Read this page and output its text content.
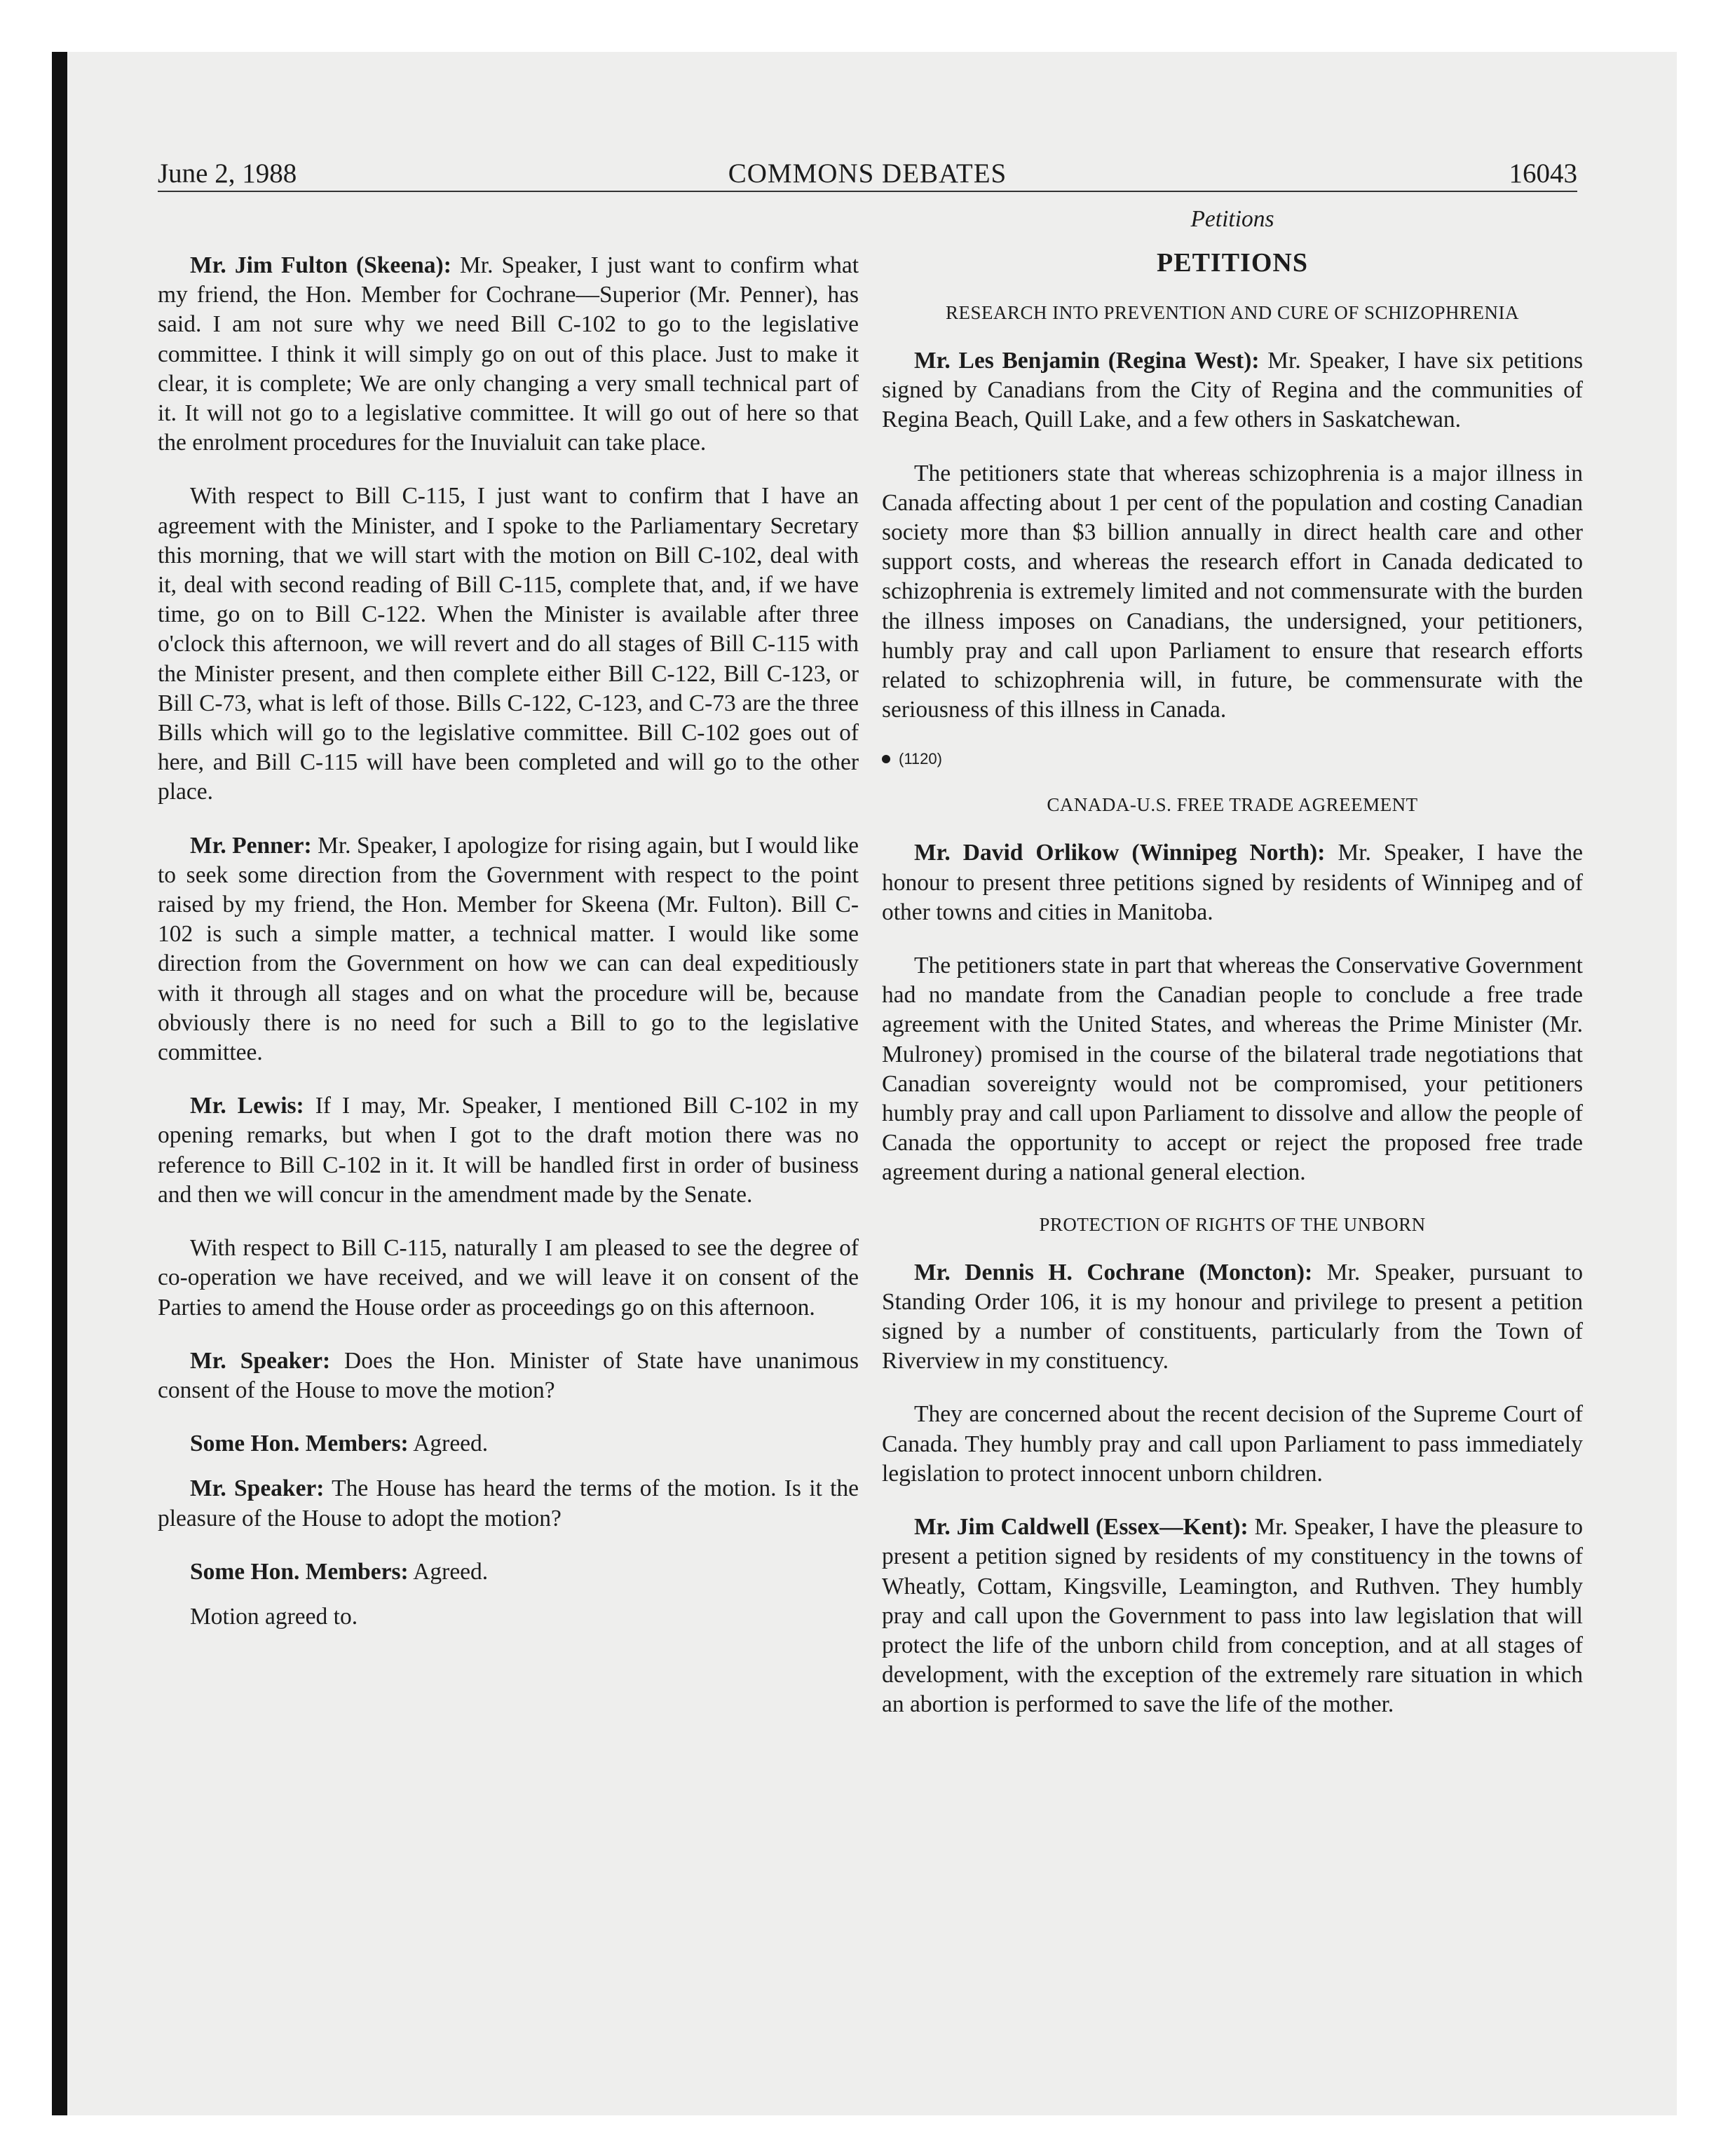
June 2, 1988	COMMONS DEBATES	16043

Mr. Jim Fulton (Skeena): Mr. Speaker, I just want to confirm what my friend, the Hon. Member for Cochrane—Superior (Mr. Penner), has said. I am not sure why we need Bill C-102 to go to the legislative committee. I think it will simply go on out of this place. Just to make it clear, it is complete; We are only changing a very small technical part of it. It will not go to a legislative committee. It will go out of here so that the enrolment procedures for the Inuvialuit can take place.

With respect to Bill C-115, I just want to confirm that I have an agreement with the Minister, and I spoke to the Parliamentary Secretary this morning, that we will start with the motion on Bill C-102, deal with it, deal with second reading of Bill C-115, complete that, and, if we have time, go on to Bill C-122. When the Minister is available after three o'clock this afternoon, we will revert and do all stages of Bill C-115 with the Minister present, and then complete either Bill C-122, Bill C-123, or Bill C-73, what is left of those. Bills C-122, C-123, and C-73 are the three Bills which will go to the legislative committee. Bill C-102 goes out of here, and Bill C-115 will have been completed and will go to the other place.

Mr. Penner: Mr. Speaker, I apologize for rising again, but I would like to seek some direction from the Government with respect to the point raised by my friend, the Hon. Member for Skeena (Mr. Fulton). Bill C-102 is such a simple matter, a technical matter. I would like some direction from the Government on how we can can deal expeditiously with it through all stages and on what the procedure will be, because obviously there is no need for such a Bill to go to the legislative committee.

Mr. Lewis: If I may, Mr. Speaker, I mentioned Bill C-102 in my opening remarks, but when I got to the draft motion there was no reference to Bill C-102 in it. It will be handled first in order of business and then we will concur in the amendment made by the Senate.

With respect to Bill C-115, naturally I am pleased to see the degree of co-operation we have received, and we will leave it on consent of the Parties to amend the House order as proceedings go on this afternoon.

Mr. Speaker: Does the Hon. Minister of State have unanimous consent of the House to move the motion?

Some Hon. Members: Agreed.

Mr. Speaker: The House has heard the terms of the motion. Is it the pleasure of the House to adopt the motion?

Some Hon. Members: Agreed.

Motion agreed to.

Petitions
PETITIONS
RESEARCH INTO PREVENTION AND CURE OF SCHIZOPHRENIA

Mr. Les Benjamin (Regina West): Mr. Speaker, I have six petitions signed by Canadians from the City of Regina and the communities of Regina Beach, Quill Lake, and a few others in Saskatchewan.

The petitioners state that whereas schizophrenia is a major illness in Canada affecting about 1 per cent of the population and costing Canadian society more than $3 billion annually in direct health care and other support costs, and whereas the research effort in Canada dedicated to schizophrenia is extremely limited and not commensurate with the burden the illness imposes on Canadians, the undersigned, your petitioners, humbly pray and call upon Parliament to ensure that research efforts related to schizophrenia will, in future, be commensurate with the seriousness of this illness in Canada.

(1120)
CANADA-U.S. FREE TRADE AGREEMENT

Mr. David Orlikow (Winnipeg North): Mr. Speaker, I have the honour to present three petitions signed by residents of Winnipeg and of other towns and cities in Manitoba.

The petitioners state in part that whereas the Conservative Government had no mandate from the Canadian people to conclude a free trade agreement with the United States, and whereas the Prime Minister (Mr. Mulroney) promised in the course of the bilateral trade negotiations that Canadian sovereignty would not be compromised, your petitioners humbly pray and call upon Parliament to dissolve and allow the people of Canada the opportunity to accept or reject the proposed free trade agreement during a national general election.

PROTECTION OF RIGHTS OF THE UNBORN

Mr. Dennis H. Cochrane (Moncton): Mr. Speaker, pursuant to Standing Order 106, it is my honour and privilege to present a petition signed by a number of constituents, particularly from the Town of Riverview in my constituency.

They are concerned about the recent decision of the Supreme Court of Canada. They humbly pray and call upon Parliament to pass immediately legislation to protect innocent unborn children.

Mr. Jim Caldwell (Essex—Kent): Mr. Speaker, I have the pleasure to present a petition signed by residents of my constituency in the towns of Wheatly, Cottam, Kingsville, Leamington, and Ruthven. They humbly pray and call upon the Government to pass into law legislation that will protect the life of the unborn child from conception, and at all stages of development, with the exception of the extremely rare situation in which an abortion is performed to save the life of the mother.
